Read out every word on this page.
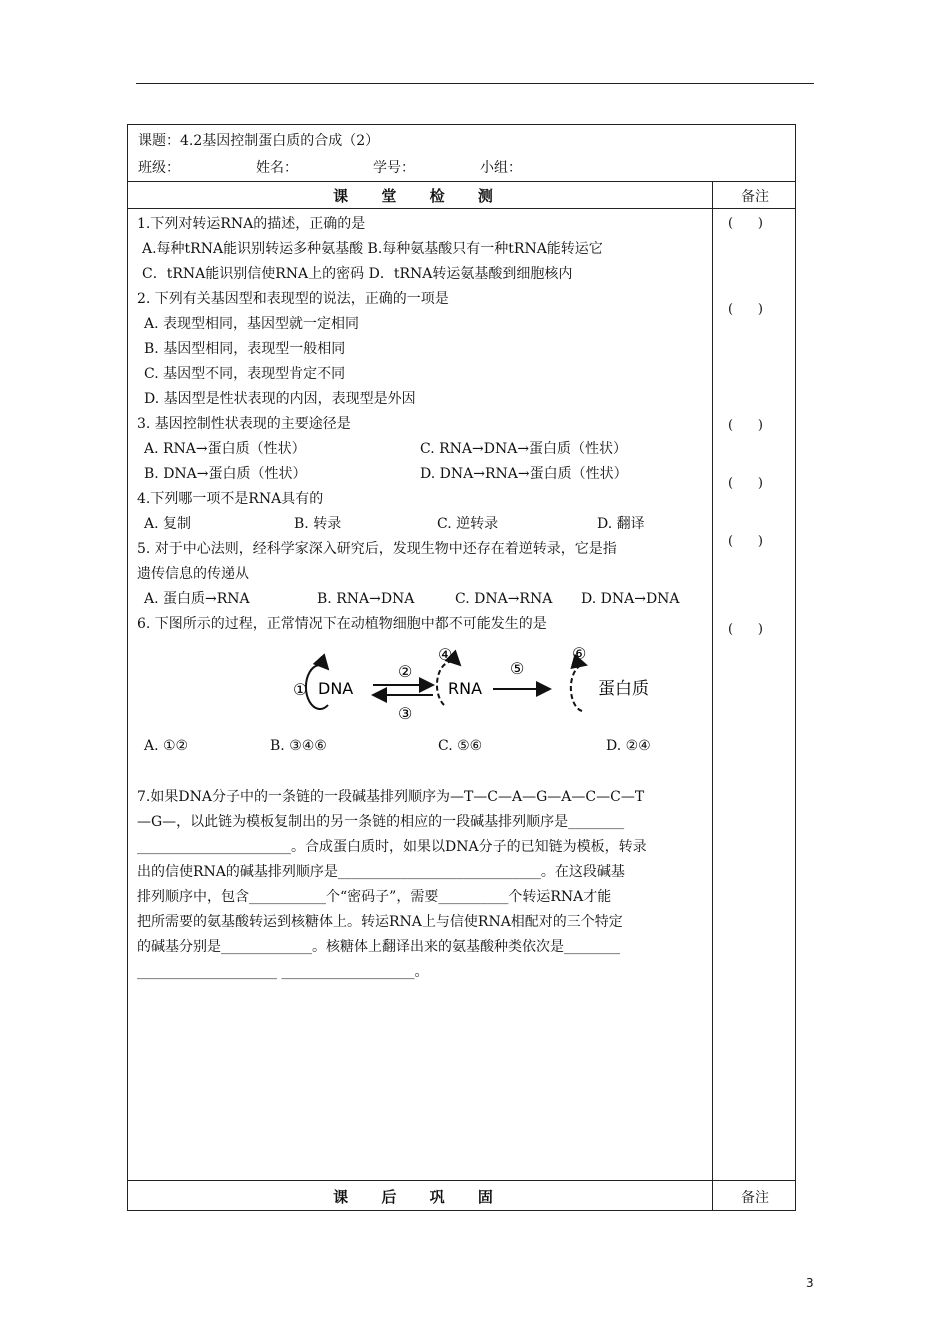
课题：4.2基因控制蛋白质的合成（2）
班级：	姓名：	学号：	小组：
课 堂 检 测	备注
1.下列对转运RNA的描述，正确的是
A.每种tRNA能识别转运多种氨基酸 B.每种氨基酸只有一种tRNA能转运它
C．tRNA能识别信使RNA上的密码 D．tRNA转运氨基酸到细胞核内
2. 下列有关基因型和表现型的说法，正确的一项是
A. 表现型相同，基因型就一定相同
B. 基因型相同，表现型一般相同
C. 基因型不同，表现型肯定不同
D. 基因型是性状表现的内因，表现型是外因
3. 基因控制性状表现的主要途径是
A. RNA→蛋白质（性状）	C. RNA→DNA→蛋白质（性状）
B. DNA→蛋白质（性状）	D. DNA→RNA→蛋白质（性状）
4.下列哪一项不是RNA具有的
A. 复制	B. 转录	C. 逆转录	D. 翻译
5. 对于中心法则，经科学家深入研究后，发现生物中还存在着逆转录，它是指
遗传信息的传递从
A. 蛋白质→RNA	B. RNA→DNA	C. DNA→RNA D. DNA→DNA
6. 下图所示的过程，正常情况下在动植物细胞中都不可能发生的是
① DNA
②
③
④
RNA
⑤
⑥
蛋白质
A. ①②	B. ③④⑥	C. ⑤⑥	D. ②④
7.如果DNA分子中的一条链的一段碱基排列顺序为—T—C—A—G—A—C—C—T
—G—，以此链为模板复制出的另一条链的相应的一段碱基排列顺序是________
______________________。合成蛋白质时，如果以DNA分子的已知链为模板，转录
出的信使RNA的碱基排列顺序是_____________________________。在这段碱基
排列顺序中，包含___________个“密码子”，需要__________个转运RNA才能
把所需要的氨基酸转运到核糖体上。转运RNA上与信使RNA相配对的三个特定
的碱基分别是_____________。核糖体上翻译出来的氨基酸种类依次是________
____________________ ___________________。
(      )
(      )
(      )
(      )
(      )
(      )
课 后 巩 固	备注
3
